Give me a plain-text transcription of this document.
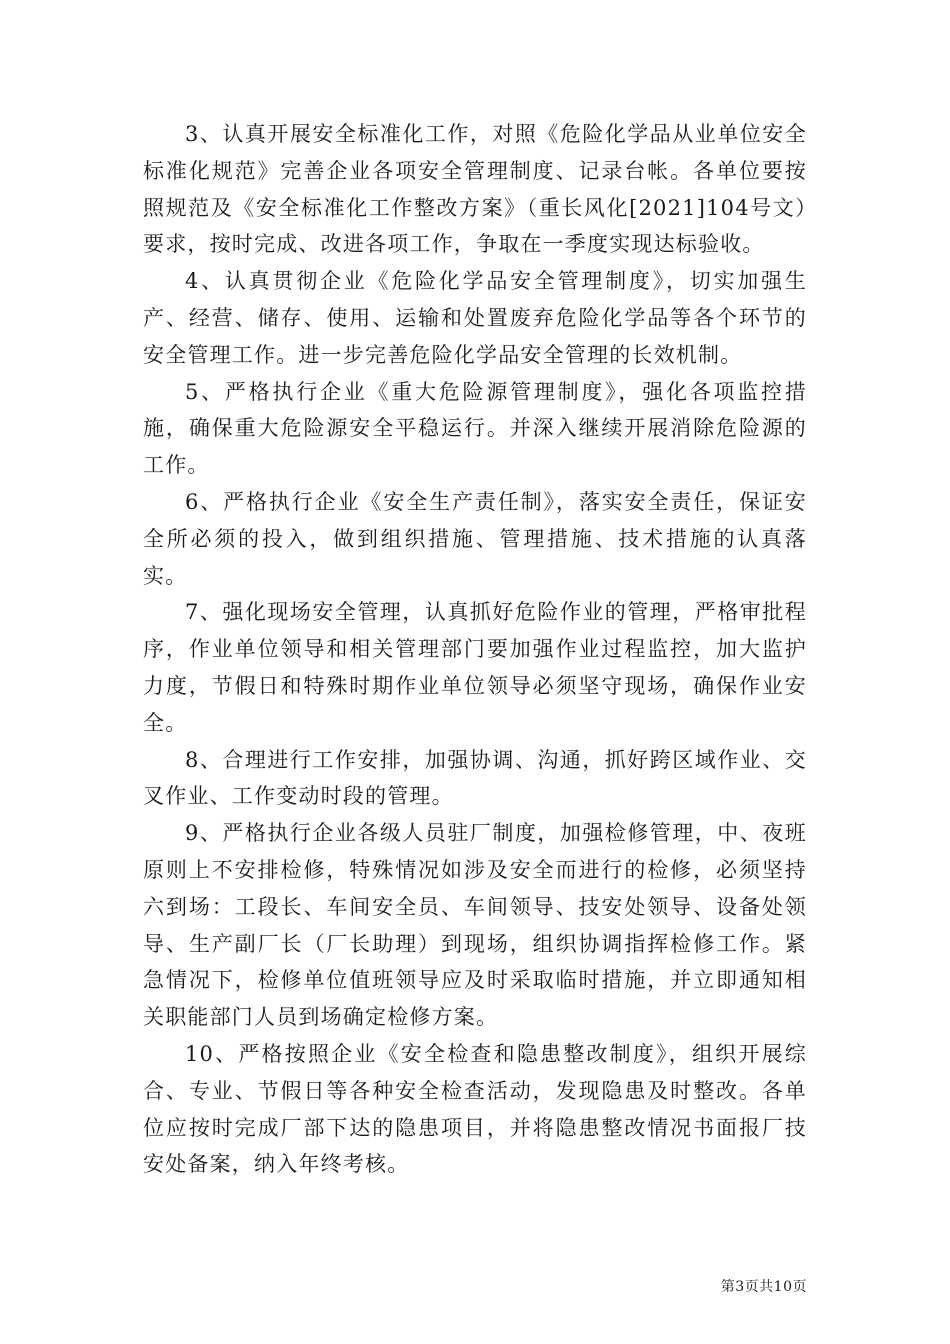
3、认真开展安全标准化工作，对照《危险化学品从业单位安全标准化规范》完善企业各项安全管理制度、记录台帐。各单位要按照规范及《安全标准化工作整改方案》（重长风化[2021]104号文）要求，按时完成、改进各项工作，争取在一季度实现达标验收。

4、认真贯彻企业《危险化学品安全管理制度》，切实加强生产、经营、储存、使用、运输和处置废弃危险化学品等各个环节的安全管理工作。进一步完善危险化学品安全管理的长效机制。

5、严格执行企业《重大危险源管理制度》，强化各项监控措施，确保重大危险源安全平稳运行。并深入继续开展消除危险源的工作。

6、严格执行企业《安全生产责任制》，落实安全责任，保证安全所必须的投入，做到组织措施、管理措施、技术措施的认真落实。

7、强化现场安全管理，认真抓好危险作业的管理，严格审批程序，作业单位领导和相关管理部门要加强作业过程监控，加大监护力度，节假日和特殊时期作业单位领导必须坚守现场，确保作业安全。

8、合理进行工作安排，加强协调、沟通，抓好跨区域作业、交叉作业、工作变动时段的管理。

9、严格执行企业各级人员驻厂制度，加强检修管理，中、夜班原则上不安排检修，特殊情况如涉及安全而进行的检修，必须坚持六到场：工段长、车间安全员、车间领导、技安处领导、设备处领导、生产副厂长（厂长助理）到现场，组织协调指挥检修工作。紧急情况下，检修单位值班领导应及时采取临时措施，并立即通知相关职能部门人员到场确定检修方案。

10、严格按照企业《安全检查和隐患整改制度》，组织开展综合、专业、节假日等各种安全检查活动，发现隐患及时整改。各单位应按时完成厂部下达的隐患项目，并将隐患整改情况书面报厂技安处备案，纳入年终考核。

第3页共10页
